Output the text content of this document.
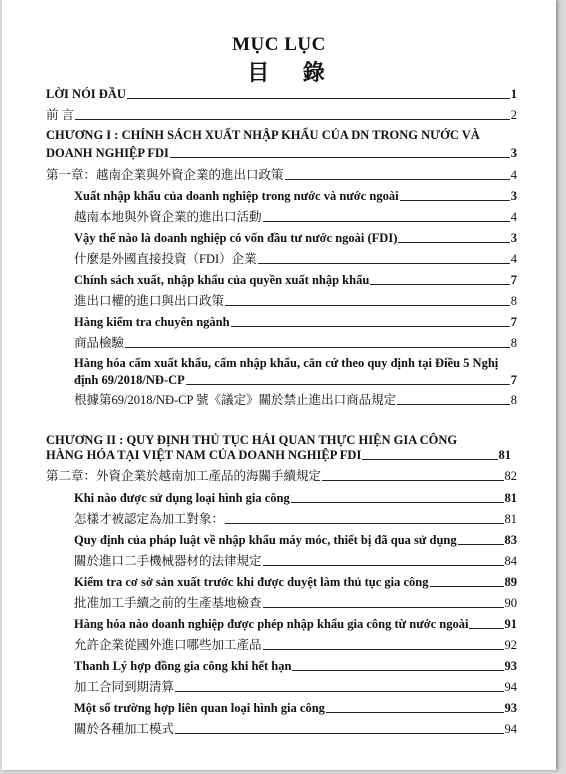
MỤC LỤC
目 錄
LỜI NÓI ĐẦU	1
前 言	2
CHƯƠNG I : CHÍNH SÁCH XUẤT NHẬP KHẨU CỦA DN TRONG NƯỚC VÀ
DOANH NGHIỆP FDI	3
第一章：越南企業與外資企業的進出口政策	4
Xuất nhập khẩu của doanh nghiệp trong nước và nước ngoài	3
越南本地與外資企業的進出口活動	4
Vậy thế nào là doanh nghiệp có vốn đầu tư nước ngoài (FDI)	3
什麼是外國直接投資（FDI）企業	4
Chính sách xuất, nhập khẩu của quyền xuất nhập khẩu	7
進出口權的進口與出口政策	8
Hàng kiểm tra chuyên ngành	7
商品檢驗	8
Hàng hóa cấm xuất khẩu, cấm nhập khẩu, căn cứ theo quy định tại Điều 5 Nghị
định 69/2018/NĐ-CP	7
根據第69/2018/NĐ-CP 號《議定》關於禁止進出口商品規定	8
CHƯƠNG II : QUY ĐỊNH THỦ TỤC HẢI QUAN THỰC HIỆN GIA CÔNG
HÀNG HÓA TẠI VIỆT NAM CỦA DOANH NGHIỆP FDI	81
第二章：外資企業於越南加工產品的海關手續規定	82
Khi nào được sử dụng loại hình gia công	81
怎樣才被認定為加工對象：	81
Quy định của pháp luật về nhập khẩu máy móc, thiết bị đã qua sử dụng	83
關於進口二手機械器材的法律規定	84
Kiểm tra cơ sở sản xuất trước khi được duyệt làm thủ tục gia công	89
批准加工手續之前的生產基地檢查	90
Hàng hóa nào doanh nghiệp được phép nhập khẩu gia công từ nước ngoài	91
允許企業從國外進口哪些加工產品	92
Thanh Lý hợp đồng gia công khi hết hạn	93
加工合同到期清算	94
Một số trường hợp liên quan loại hình gia công	93
關於各種加工模式	94
